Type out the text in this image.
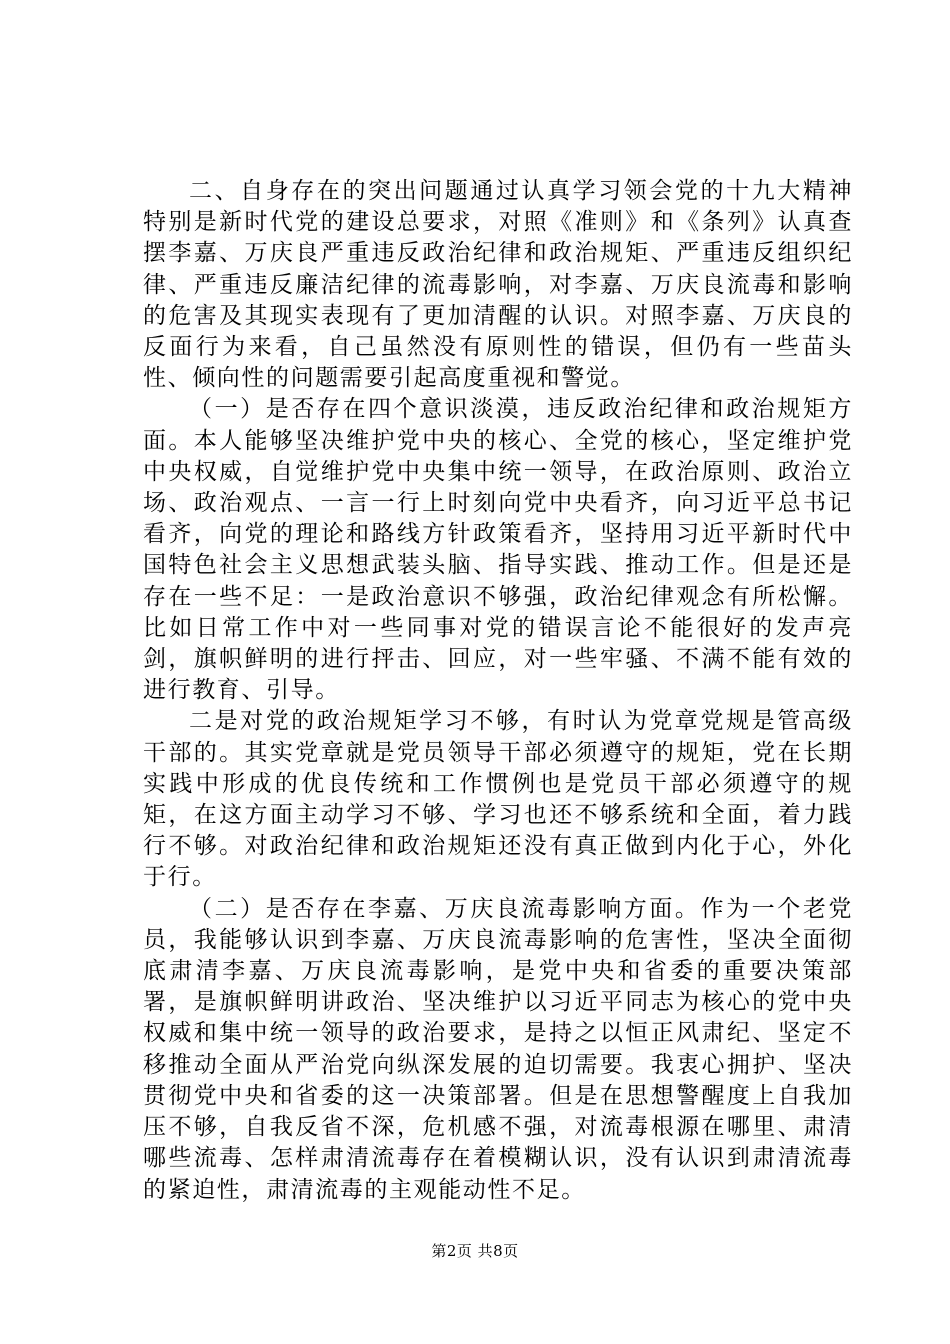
二、自身存在的突出问题通过认真学习领会党的十九大精神特别是新时代党的建设总要求，对照《准则》和《条列》认真查摆李嘉、万庆良严重违反政治纪律和政治规矩、严重违反组织纪律、严重违反廉洁纪律的流毒影响，对李嘉、万庆良流毒和影响的危害及其现实表现有了更加清醒的认识。对照李嘉、万庆良的反面行为来看，自己虽然没有原则性的错误，但仍有一些苗头性、倾向性的问题需要引起高度重视和警觉。

（一）是否存在四个意识淡漠，违反政治纪律和政治规矩方面。本人能够坚决维护党中央的核心、全党的核心，坚定维护党中央权威，自觉维护党中央集中统一领导，在政治原则、政治立场、政治观点、一言一行上时刻向党中央看齐，向习近平总书记看齐，向党的理论和路线方针政策看齐，坚持用习近平新时代中国特色社会主义思想武装头脑、指导实践、推动工作。但是还是存在一些不足：一是政治意识不够强，政治纪律观念有所松懈。比如日常工作中对一些同事对党的错误言论不能很好的发声亮剑，旗帜鲜明的进行抨击、回应，对一些牢骚、不满不能有效的进行教育、引导。

二是对党的政治规矩学习不够，有时认为党章党规是管高级干部的。其实党章就是党员领导干部必须遵守的规矩，党在长期实践中形成的优良传统和工作惯例也是党员干部必须遵守的规矩，在这方面主动学习不够、学习也还不够系统和全面，着力践行不够。对政治纪律和政治规矩还没有真正做到内化于心，外化于行。

（二）是否存在李嘉、万庆良流毒影响方面。作为一个老党员，我能够认识到李嘉、万庆良流毒影响的危害性，坚决全面彻底肃清李嘉、万庆良流毒影响，是党中央和省委的重要决策部署，是旗帜鲜明讲政治、坚决维护以习近平同志为核心的党中央权威和集中统一领导的政治要求，是持之以恒正风肃纪、坚定不移推动全面从严治党向纵深发展的迫切需要。我衷心拥护、坚决贯彻党中央和省委的这一决策部署。但是在思想警醒度上自我加压不够，自我反省不深，危机感不强，对流毒根源在哪里、肃清哪些流毒、怎样肃清流毒存在着模糊认识，没有认识到肃清流毒的紧迫性，肃清流毒的主观能动性不足。

第2页 共8页
